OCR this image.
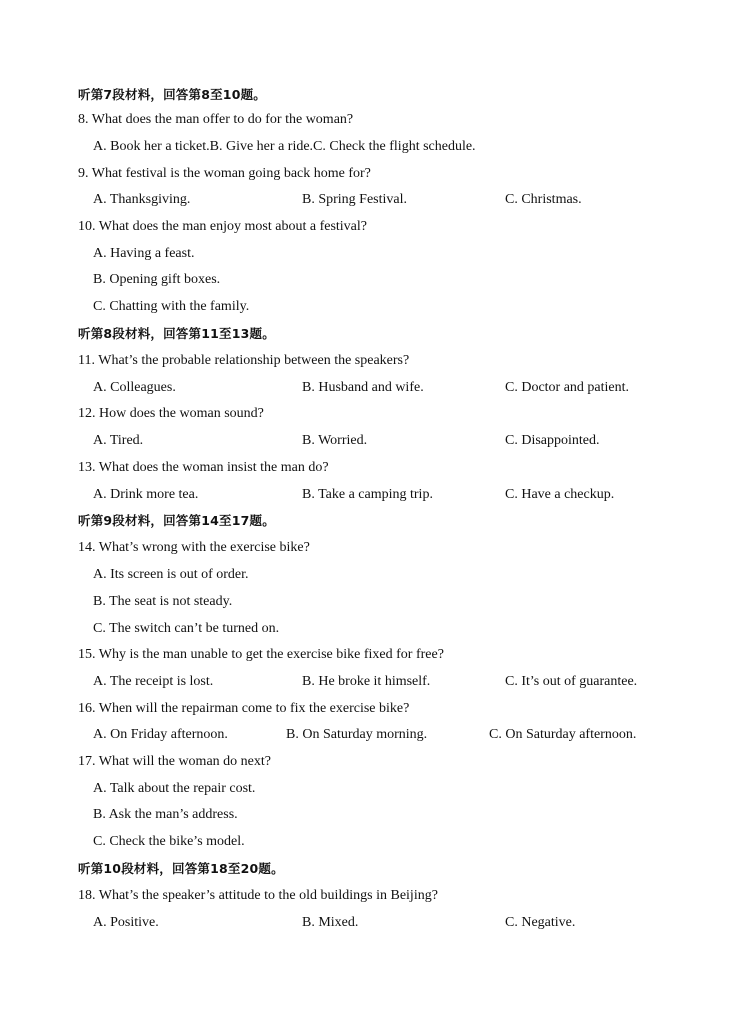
听第7段材料，回答第8至10题。
8. What does the man offer to do for the woman?
A. Book her a ticket.B. Give her a ride.C. Check the flight schedule.
9. What festival is the woman going back home for?
A. Thanksgiving.	B. Spring Festival.	C. Christmas.
10. What does the man enjoy most about a festival?
A. Having a feast.
B. Opening gift boxes.
C. Chatting with the family.
听第8段材料，回答第11至13题。
11. What’s the probable relationship between the speakers?
A. Colleagues.	B. Husband and wife.	C. Doctor and patient.
12. How does the woman sound?
A. Tired.	B. Worried.	C. Disappointed.
13. What does the woman insist the man do?
A. Drink more tea.	B. Take a camping trip.	C. Have a checkup.
听第9段材料，回答第14至17题。
14. What’s wrong with the exercise bike?
A. Its screen is out of order.
B. The seat is not steady.
C. The switch can’t be turned on.
15. Why is the man unable to get the exercise bike fixed for free?
A. The receipt is lost.	B. He broke it himself.	C. It’s out of guarantee.
16. When will the repairman come to fix the exercise bike?
A. On Friday afternoon.	B. On Saturday morning.	C. On Saturday afternoon.
17. What will the woman do next?
A. Talk about the repair cost.
B. Ask the man’s address.
C. Check the bike’s model.
听第10段材料，回答第18至20题。
18. What’s the speaker’s attitude to the old buildings in Beijing?
A. Positive.	B. Mixed.	C. Negative.
